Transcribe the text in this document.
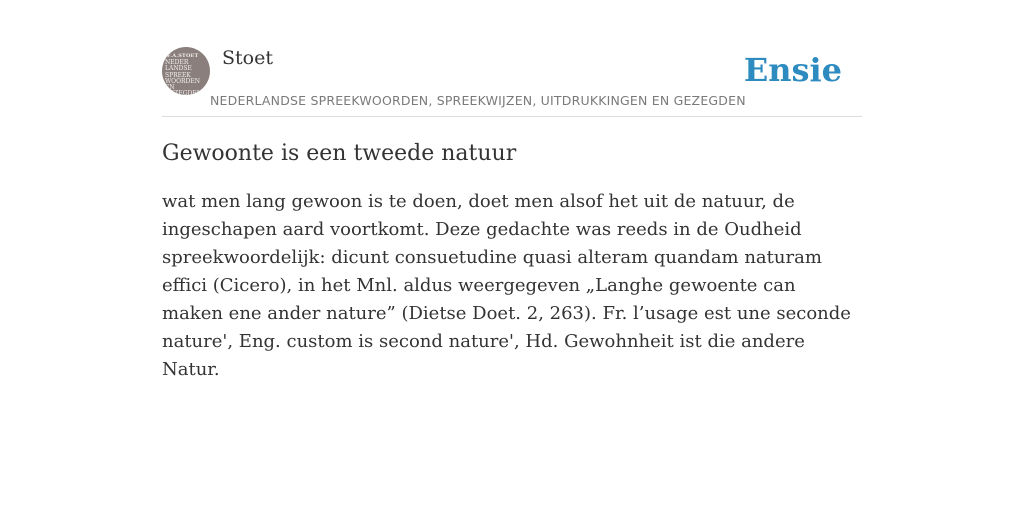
F.A.STOET
NEDER
LANDSE
SPREEK
WOORDEN EN
GEZEGDEN
Stoet
NEDERLANDSE SPREEKWOORDEN, SPREEKWIJZEN, UITDRUKKINGEN EN GEZEGDEN
Ensie
Gewoonte is een tweede natuur
wat men lang gewoon is te doen, doet men alsof het uit de natuur, de ingeschapen aard voortkomt. Deze gedachte was reeds in de Oudheid spreekwoordelijk: dicunt consuetudine quasi alteram quandam naturam effici (Cicero), in het Mnl. aldus weergegeven „Langhe gewoente can maken ene ander nature” (Dietse Doet. 2, 263). Fr. l’usage est une seconde nature', Eng. custom is second nature', Hd. Gewohnheit ist die andere Natur.
